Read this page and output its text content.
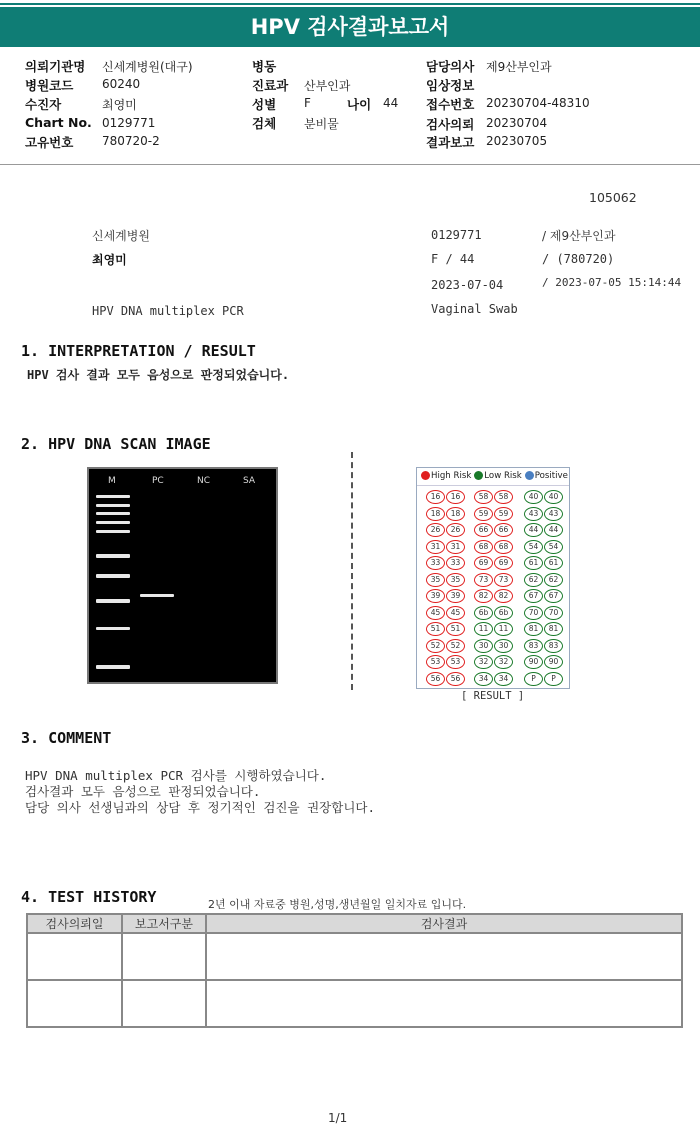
HPV 검사결과보고서
의뢰기관명 신세계병원(대구)
병원코드 60240
수진자	최영미
Chart No. 0129771
고유번호 780720-2
병동
진료과 산부인과
성별 F	나이 44
검체 분비물
담당의사 제9산부인과
임상정보
접수번호 20230704-48310
검사의뢰 20230704
결과보고 20230705
105062
신세계병원
최영미
HPV DNA multiplex PCR
0129771	/ 제9산부인과
F / 44	/ (780720)
2023-07-04	/ 2023-07-05 15:14:44
Vaginal Swab
1. INTERPRETATION / RESULT
HPV 검사 결과 모두 음성으로 판정되었습니다.
2. HPV DNA SCAN IMAGE
M	PC	NC	SA	High Risk Low Risk Positive
16	16
18	18
26	26
31	31
33	33
35	35
39	39
45	45
51	51
52	52
53	53
56	56
58	58
59	59
66	66
68	68
69	69
73	73
82	82
6b	6b
11	11
30	30
32	32
34	34
40	40
43	43
44	44
54	54
61	61
62	62
67	67
70	70
81	81
83	83
90	90
P	P
[ RESULT ]
3. COMMENT
HPV DNA multiplex PCR 검사를 시행하였습니다.
검사결과 모두 음성으로 판정되었습니다.
담당 의사 선생님과의 상담 후 정기적인 검진을 권장합니다.
4. TEST HISTORY	2년 이내 자료중 병원,성명,생년월일 일치자료 입니다.
검사의뢰일	보고서구분	검사결과

1/1
